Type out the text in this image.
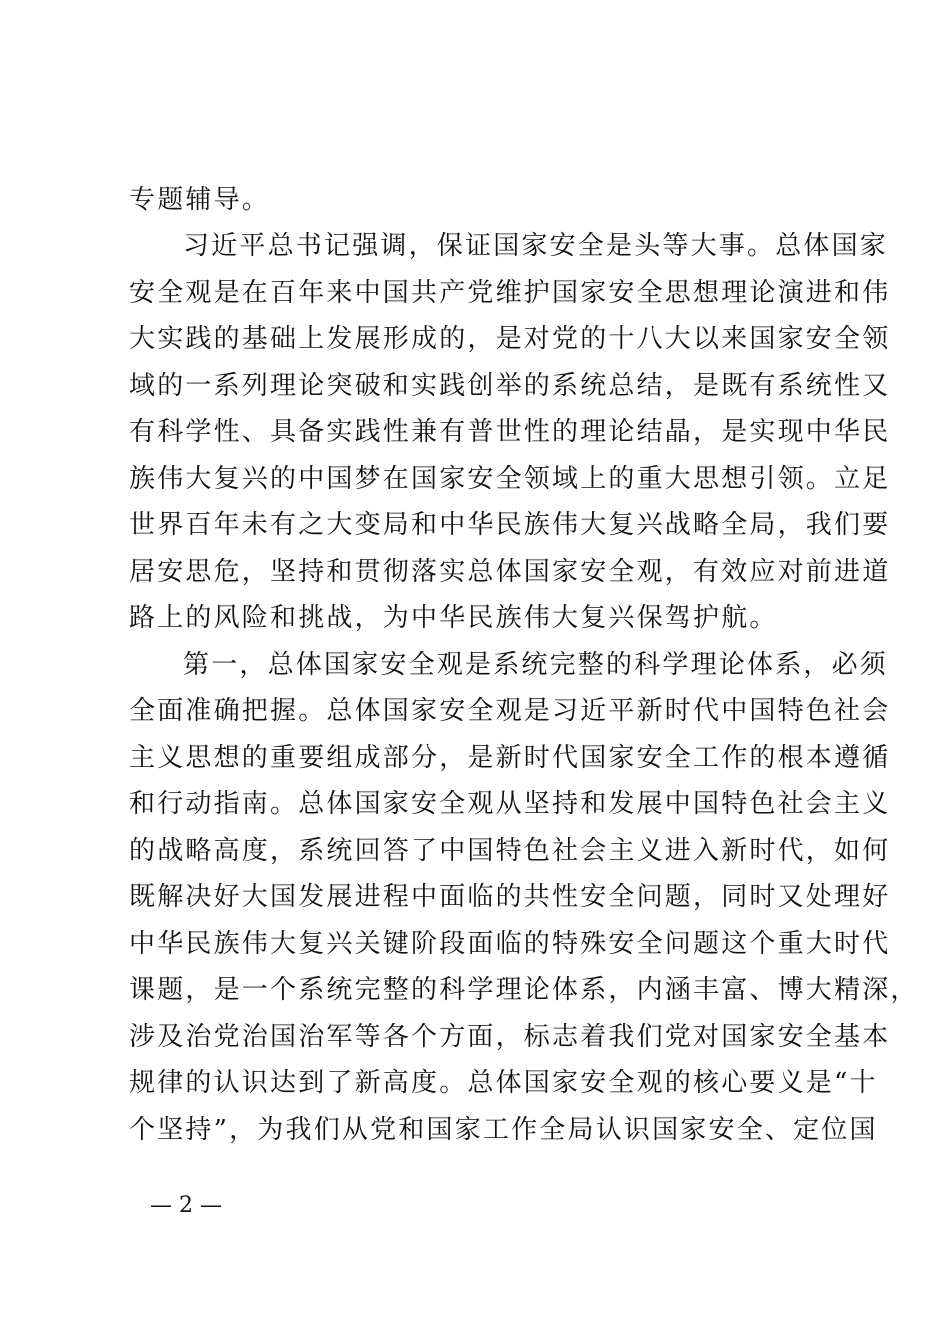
专题辅导。
习近平总书记强调，保证国家安全是头等大事。总体国家
安全观是在百年来中国共产党维护国家安全思想理论演进和伟
大实践的基础上发展形成的，是对党的十八大以来国家安全领
域的一系列理论突破和实践创举的系统总结，是既有系统性又
有科学性、具备实践性兼有普世性的理论结晶，是实现中华民
族伟大复兴的中国梦在国家安全领域上的重大思想引领。立足
世界百年未有之大变局和中华民族伟大复兴战略全局，我们要
居安思危，坚持和贯彻落实总体国家安全观，有效应对前进道
路上的风险和挑战，为中华民族伟大复兴保驾护航。
第一，总体国家安全观是系统完整的科学理论体系，必须
全面准确把握。总体国家安全观是习近平新时代中国特色社会
主义思想的重要组成部分，是新时代国家安全工作的根本遵循
和行动指南。总体国家安全观从坚持和发展中国特色社会主义
的战略高度，系统回答了中国特色社会主义进入新时代，如何
既解决好大国发展进程中面临的共性安全问题，同时又处理好
中华民族伟大复兴关键阶段面临的特殊安全问题这个重大时代
课题，是一个系统完整的科学理论体系，内涵丰富、博大精深，
涉及治党治国治军等各个方面，标志着我们党对国家安全基本
规律的认识达到了新高度。总体国家安全观的核心要义是“十
个坚持”，为我们从党和国家工作全局认识国家安全、定位国
— 2 —
